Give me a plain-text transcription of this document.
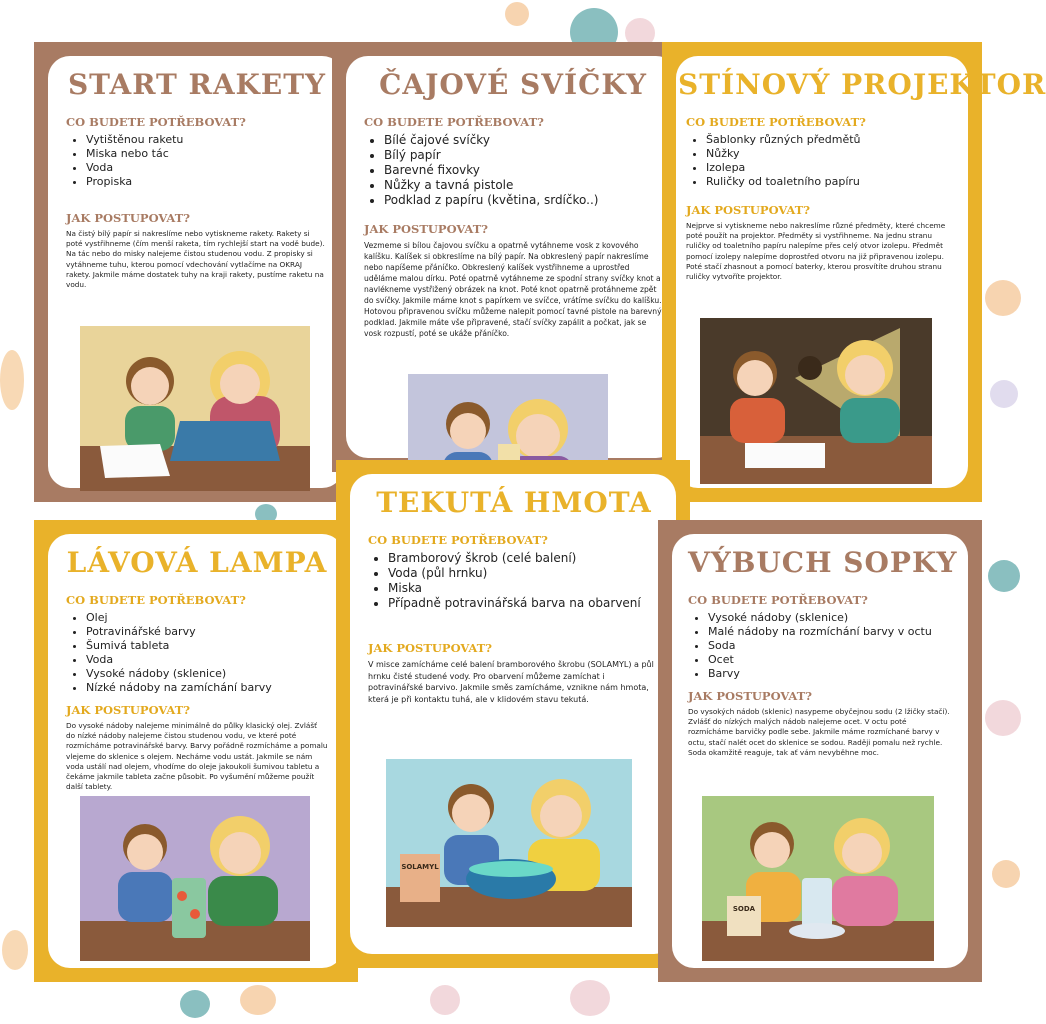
START RAKETY
CO BUDETE POTŘEBOVAT?
• Vytištěnou raketu
• Miska nebo tác
• Voda
• Propiska
JAK POSTUPOVAT?

Na čistý bílý papír si nakreslíme nebo vytiskneme rakety. Rakety si poté vystřihneme (čím menší raketa, tím rychlejší start na vodě bude). Na tác nebo do misky nalejeme čistou studenou vodu. Z propisky si vytáhneme tuhu, kterou pomocí vdechování vytlačíme na OKRAJ rakety. Jakmile máme dostatek tuhy na kraji rakety, pustíme raketu na vodu.

ČAJOVÉ SVÍČKY
CO BUDETE POTŘEBOVAT?
• Bílé čajové svíčky
• Bílý papír
• Barevné fixovky
• Nůžky a tavná pistole
• Podklad z papíru (květina, srdíčko..)
JAK POSTUPOVAT?

Vezmeme si bílou čajovou svíčku a opatrně vytáhneme vosk z kovového kalíšku. Kalíšek si obkreslíme na bílý papír. Na obkreslený papír nakreslíme nebo napíšeme přáníčko. Obkreslený kalíšek vystřihneme a uprostřed uděláme malou dírku. Poté opatrně vytáhneme ze spodní strany svíčky knot a navlékneme vystřižený obrázek na knot. Poté knot opatrně protáhneme zpět do svíčky. Jakmile máme knot s papírkem ve svíčce, vrátíme svíčku do kalíšku. Hotovou připravenou svíčku můžeme nalepit pomocí tavné pistole na barevný podklad. Jakmile máte vše připravené, stačí svíčky zapálit a počkat, jak se vosk rozpustí, poté se ukáže přáníčko.

STÍNOVÝ PROJEKTOR
CO BUDETE POTŘEBOVAT?
• Šablonky různých předmětů
• Nůžky
• Izolepa
• Ruličky od toaletního papíru
JAK POSTUPOVAT?

Nejprve si vytiskneme nebo nakreslíme různé předměty, které chceme poté použít na projektor. Předměty si vystřihneme. Na jednu stranu ruličky od toaletního papíru nalepíme přes celý otvor izolepu. Předmět pomocí izolepy nalepíme doprostřed otvoru na již připravenou izolepu. Poté stačí zhasnout a pomocí baterky, kterou prosvítíte druhou stranu ruličky vytvoříte projektor.

LÁVOVÁ LAMPA
CO BUDETE POTŘEBOVAT?
• Olej
• Potravinářské barvy
• Šumivá tableta
• Voda
• Vysoké nádoby (sklenice)
• Nízké nádoby na zamíchání barvy
JAK POSTUPOVAT?

Do vysoké nádoby nalejeme minimálně do půlky klasický olej. Zvlášť do nízké nádoby nalejeme čistou studenou vodu, ve které poté rozmícháme potravinářské barvy. Barvy pořádně rozmícháme a pomalu vlejeme do sklenice s olejem. Necháme vodu ustát. Jakmile se nám voda ustálí nad olejem, vhodíme do oleje jakoukoli šumivou tabletu a čekáme jakmile tableta začne působit. Po vyšumění můžeme použít další tablety.

TEKUTÁ HMOTA
CO BUDETE POTŘEBOVAT?
• Bramborový škrob (celé balení)
• Voda (půl hrnku)
• Miska
• Případně potravinářská barva na obarvení
JAK POSTUPOVAT?

V misce zamícháme celé balení bramborového škrobu (SOLAMYL) a půl hrnku čisté studené vody. Pro obarvení můžeme zamíchat i potravinářské barvivo. Jakmile směs zamícháme, vznikne nám hmota, která je při kontaktu tuhá, ale v klidovém stavu tekutá.

SOLAMYL
VÝBUCH SOPKY
CO BUDETE POTŘEBOVAT?
• Vysoké nádoby (sklenice)
• Malé nádoby na rozmíchání barvy v octu
• Soda
• Ocet
• Barvy
JAK POSTUPOVAT?

Do vysokých nádob (sklenic) nasypeme obyčejnou sodu (2 lžičky stačí). Zvlášť do nízkých malých nádob nalejeme ocet. V octu poté rozmícháme barvičky podle sebe. Jakmile máme rozmíchané barvy v octu, stačí nalét ocet do sklenice se sodou. Raději pomalu než rychle. Soda okamžitě reaguje, tak ať vám nevyběhne moc.

SODA
